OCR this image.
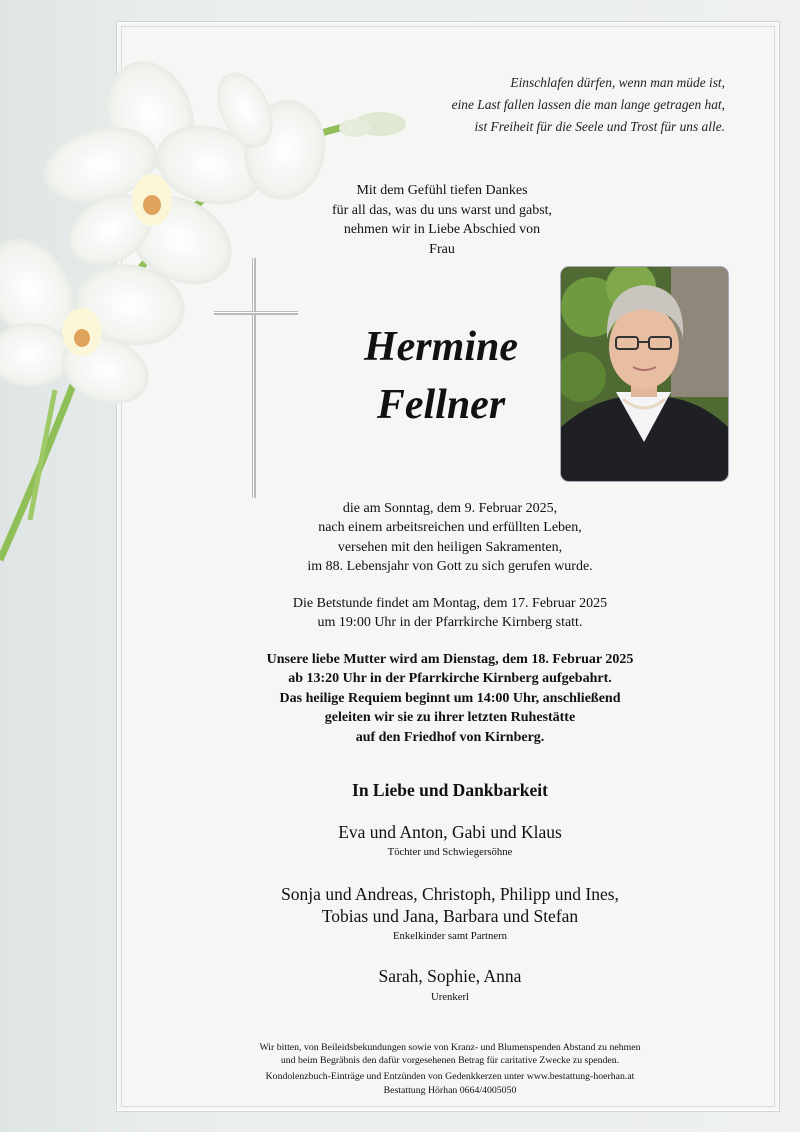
Einschlafen dürfen, wenn man müde ist,
eine Last fallen lassen die man lange getragen hat,
ist Freiheit für die Seele und Trost für uns alle.
Mit dem Gefühl tiefen Dankes
für all das, was du uns warst und gabst,
nehmen wir in Liebe Abschied von
Frau
Hermine
Fellner
die am Sonntag, dem 9. Februar 2025,
nach einem arbeitsreichen und erfüllten Leben,
versehen mit den heiligen Sakramenten,
im 88. Lebensjahr von Gott zu sich gerufen wurde.
Die Betstunde findet am Montag, dem 17. Februar 2025
um 19:00 Uhr in der Pfarrkirche Kirnberg statt.
Unsere liebe Mutter wird am Dienstag, dem 18. Februar 2025
ab 13:20 Uhr in der Pfarrkirche Kirnberg aufgebahrt.
Das heilige Requiem beginnt um 14:00 Uhr, anschließend
geleiten wir sie zu ihrer letzten Ruhestätte
auf den Friedhof von Kirnberg.
In Liebe und Dankbarkeit
Eva und Anton, Gabi und Klaus
Töchter und Schwiegersöhne
Sonja und Andreas, Christoph, Philipp und Ines,
Tobias und Jana, Barbara und Stefan
Enkelkinder samt Partnern
Sarah, Sophie, Anna
Urenkerl
Wir bitten, von Beileidsbekundungen sowie von Kranz- und Blumenspenden Abstand zu nehmen
und beim Begräbnis den dafür vorgesehenen Betrag für caritative Zwecke zu spenden.
Kondolenzbuch-Einträge und Entzünden von Gedenkkerzen unter www.bestattung-hoerhan.at
Bestattung Hörhan 0664/4005050
